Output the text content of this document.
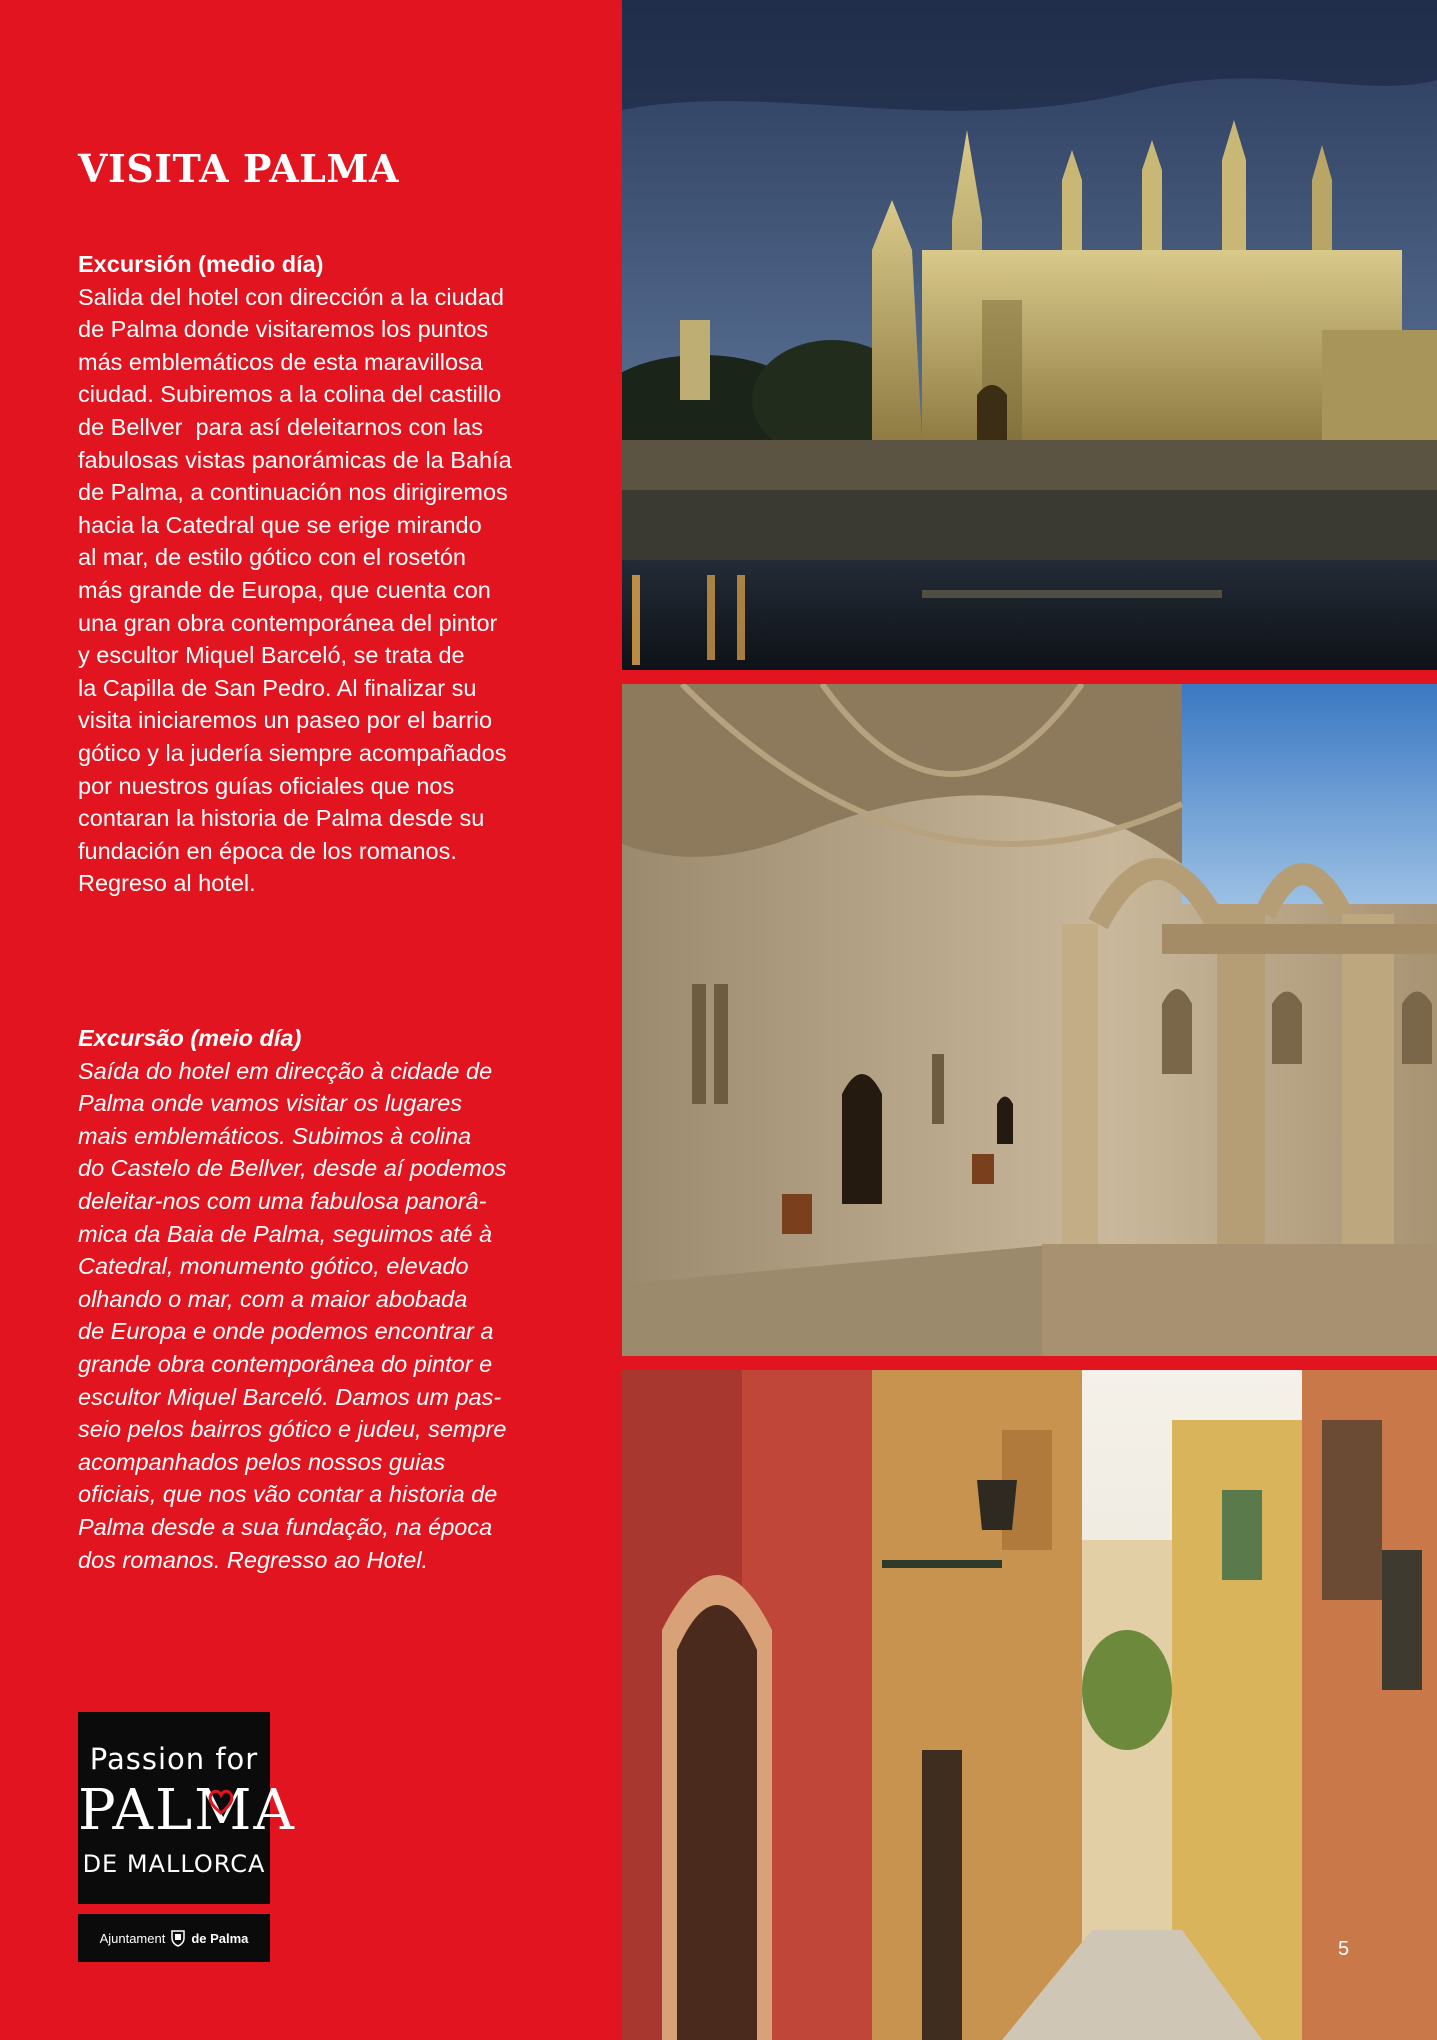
VISITA PALMA
Excursión (medio día)
Salida del hotel con dirección a la ciudad
de Palma donde visitaremos los puntos
más emblemáticos de esta maravillosa
ciudad. Subiremos a la colina del castillo
de Bellver  para así deleitarnos con las
fabulosas vistas panorámicas de la Bahía
de Palma, a continuación nos dirigiremos
hacia la Catedral que se erige mirando
al mar, de estilo gótico con el rosetón
más grande de Europa, que cuenta con
una gran obra contemporánea del pintor
y escultor Miquel Barceló, se trata de
la Capilla de San Pedro. Al finalizar su
visita iniciaremos un paseo por el barrio
gótico y la judería siempre acompañados
por nuestros guías oficiales que nos
contaran la historia de Palma desde su
fundación en época de los romanos.
Regreso al hotel.
Excursão (meio día)
Saída do hotel em direcção à cidade de
Palma onde vamos visitar os lugares
mais emblemáticos. Subimos à colina
do Castelo de Bellver, desde aí podemos
deleitar-nos com uma fabulosa panorâ-
mica da Baia de Palma, seguimos até à
Catedral, monumento gótico, elevado
olhando o mar, com a maior abobada
de Europa e onde podemos encontrar a
grande obra contemporânea do pintor e
escultor Miquel Barceló. Damos um pas-
seio pelos bairros gótico e judeu, sempre
acompanhados pelos nossos guias
oficiais, que nos vão contar a historia de
Palma desde a sua fundação, na época
dos romanos. Regresso ao Hotel.
Passion for
PALMA
DE MALLORCA
Ajuntament de Palma	5
